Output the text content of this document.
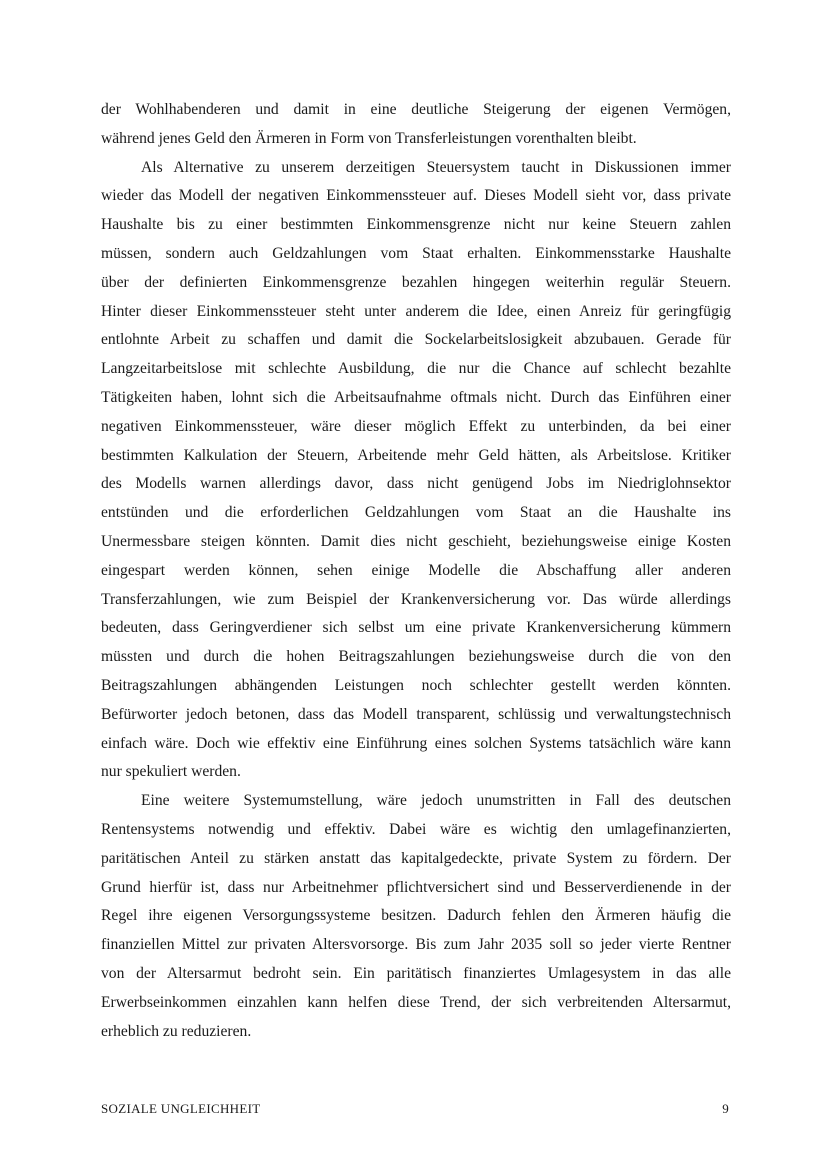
der Wohlhabenderen und damit in eine deutliche Steigerung der eigenen Vermögen,
während jenes Geld den Ärmeren in Form von Transferleistungen vorenthalten bleibt.
Als Alternative zu unserem derzeitigen Steuersystem taucht in Diskussionen immer
wieder das Modell der negativen Einkommenssteuer auf. Dieses Modell sieht vor, dass private
Haushalte bis zu einer bestimmten Einkommensgrenze nicht nur keine Steuern zahlen
müssen, sondern auch Geldzahlungen vom Staat erhalten. Einkommensstarke Haushalte
über der definierten Einkommensgrenze bezahlen hingegen weiterhin regulär Steuern.
Hinter dieser Einkommenssteuer steht unter anderem die Idee, einen Anreiz für geringfügig
entlohnte Arbeit zu schaffen und damit die Sockelarbeitslosigkeit abzubauen. Gerade für
Langzeitarbeitslose mit schlechte Ausbildung, die nur die Chance auf schlecht bezahlte
Tätigkeiten haben, lohnt sich die Arbeitsaufnahme oftmals nicht. Durch das Einführen einer
negativen Einkommenssteuer, wäre dieser möglich Effekt zu unterbinden, da bei einer
bestimmten Kalkulation der Steuern, Arbeitende mehr Geld hätten, als Arbeitslose. Kritiker
des Modells warnen allerdings davor, dass nicht genügend Jobs im Niedriglohnsektor
entstünden und die erforderlichen Geldzahlungen vom Staat an die Haushalte ins
Unermessbare steigen könnten. Damit dies nicht geschieht, beziehungsweise einige Kosten
eingespart werden können, sehen einige Modelle die Abschaffung aller anderen
Transferzahlungen, wie zum Beispiel der Krankenversicherung vor. Das würde allerdings
bedeuten, dass Geringverdiener sich selbst um eine private Krankenversicherung kümmern
müssten und durch die hohen Beitragszahlungen beziehungsweise durch die von den
Beitragszahlungen abhängenden Leistungen noch schlechter gestellt werden könnten.
Befürworter jedoch betonen, dass das Modell transparent, schlüssig und verwaltungstechnisch
einfach wäre. Doch wie effektiv eine Einführung eines solchen Systems tatsächlich wäre kann
nur spekuliert werden.
Eine weitere Systemumstellung, wäre jedoch unumstritten in Fall des deutschen
Rentensystems notwendig und effektiv. Dabei wäre es wichtig den umlagefinanzierten,
paritätischen Anteil zu stärken anstatt das kapitalgedeckte, private System zu fördern. Der
Grund hierfür ist, dass nur Arbeitnehmer pflichtversichert sind und Besserverdienende in der
Regel ihre eigenen Versorgungssysteme besitzen. Dadurch fehlen den Ärmeren häufig die
finanziellen Mittel zur privaten Altersvorsorge. Bis zum Jahr 2035 soll so jeder vierte Rentner
von der Altersarmut bedroht sein. Ein paritätisch finanziertes Umlagesystem in das alle
Erwerbseinkommen einzahlen kann helfen diese Trend, der sich verbreitenden Altersarmut,
erheblich zu reduzieren.
SOZIALE UNGLEICHHEIT	9
